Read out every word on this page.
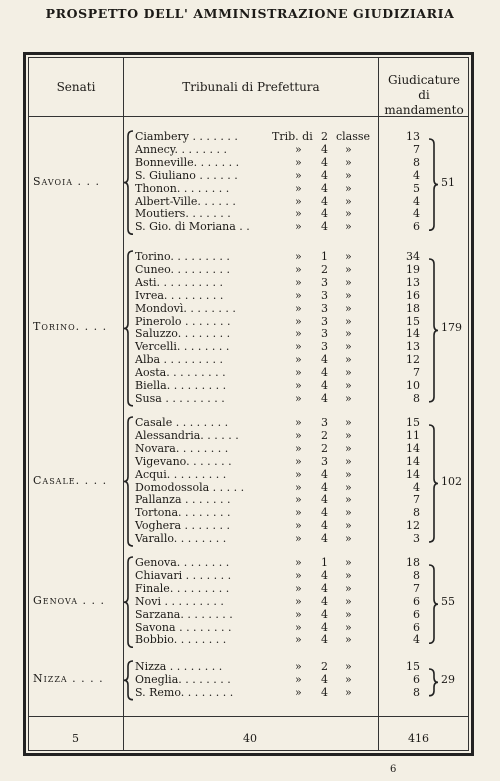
PROSPETTO DELL' AMMINISTRAZIONE GIUDIZIARIA
Senati	Tribunali di Prefettura	Giudicature
di mandamento
Savoia . . .	51
Ciambery . . . . . . .	Trib. di 2 classe	13
Annecy. . . . . . . .	» 4 »	7
Bonneville. . . . . . .	» 4 »	8
S. Giuliano . . . . . .	» 4 »	4
Thonon. . . . . . . .	» 4 »	5
Albert-Ville. . . . . .	» 4 »	4
Moutiers. . . . . . .	» 4 »	4
S. Gio. di Moriana . .	» 4 »	6
Torino. . . .	179
Torino. . . . . . . . .	» 1 »	34
Cuneo. . . . . . . . .	» 2 »	19
Asti. . . . . . . . . .	» 3 »	13
Ivrea. . . . . . . . .	» 3 »	16
Mondovì. . . . . . . .	» 3 »	18
Pinerolo . . . . . . .	» 3 »	15
Saluzzo. . . . . . . .	» 3 »	14
Vercelli. . . . . . . .	» 3 »	13
Alba . . . . . . . . .	» 4 »	12
Aosta. . . . . . . . .	» 4 »	7
Biella. . . . . . . . .	» 4 »	10
Susa . . . . . . . . .	» 4 »	8
Casale. . . .	102
Casale . . . . . . . .	» 3 »	15
Alessandria. . . . . .	» 2 »	11
Novara. . . . . . . .	» 2 »	14
Vigevano. . . . . . .	» 3 »	14
Acqui. . . . . . . . .	» 4 »	14
Domodossola . . . . .	» 4 »	4
Pallanza . . . . . . .	» 4 »	7
Tortona. . . . . . . .	» 4 »	8
Voghera . . . . . . .	» 4 »	12
Varallo. . . . . . . .	» 4 »	3
Genova . . .	55
Genova. . . . . . . .	» 1 »	18
Chiavari . . . . . . .	» 4 »	8
Finale. . . . . . . . .	» 4 »	7
Novi . . . . . . . . .	» 4 »	6
Sarzana. . . . . . . .	» 4 »	6
Savona . . . . . . . .	» 4 »	6
Bobbio. . . . . . . .	» 4 »	4
Nizza . . . .	29
Nizza . . . . . . . .	» 2 »	15
Oneglia. . . . . . . .	» 4 »	6
S. Remo. . . . . . . .	» 4 »	8
5	40	416
6
